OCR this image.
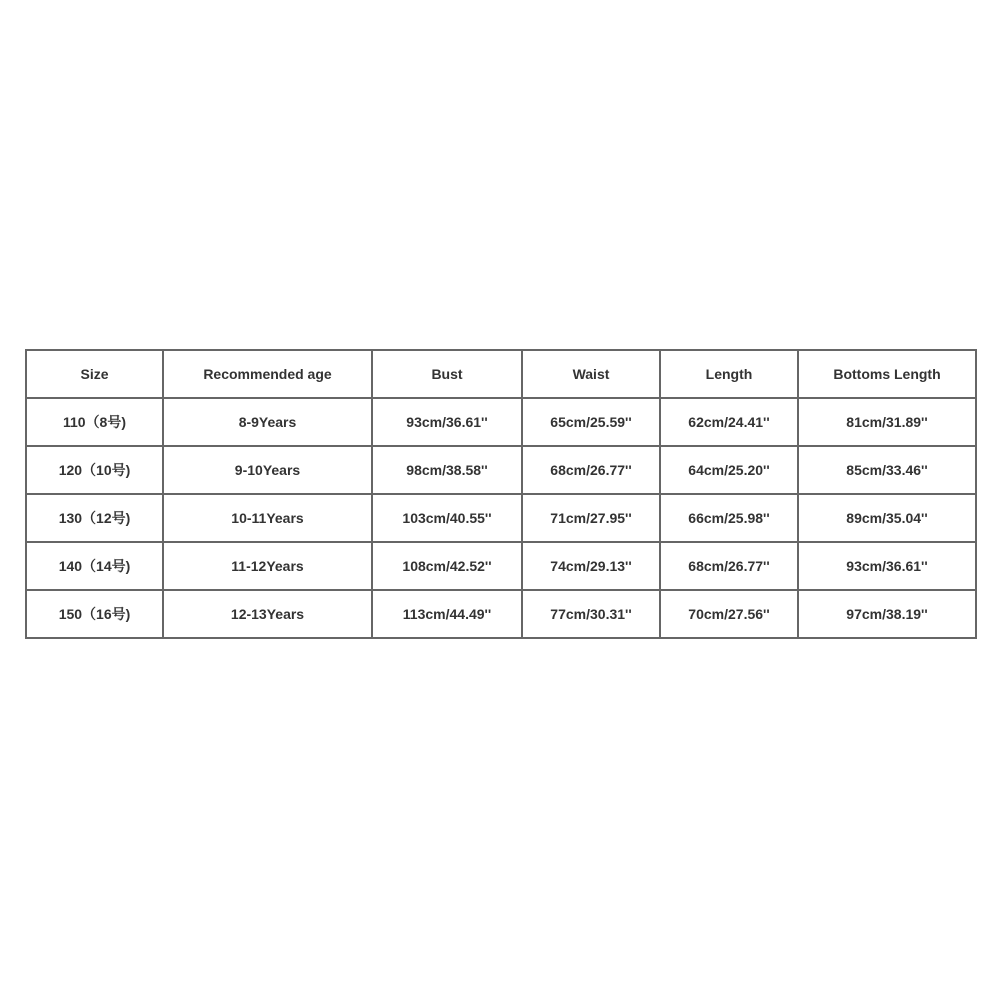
Size	Recommended age	Bust	Waist	Length	Bottoms Length
110（8号)	8-9Years	93cm/36.61''	65cm/25.59''	62cm/24.41''	81cm/31.89''
120（10号)	9-10Years	98cm/38.58''	68cm/26.77''	64cm/25.20''	85cm/33.46''
130（12号)	10-11Years	103cm/40.55''	71cm/27.95''	66cm/25.98''	89cm/35.04''
140（14号)	11-12Years	108cm/42.52''	74cm/29.13''	68cm/26.77''	93cm/36.61''
150（16号)	12-13Years	113cm/44.49''	77cm/30.31''	70cm/27.56''	97cm/38.19''
